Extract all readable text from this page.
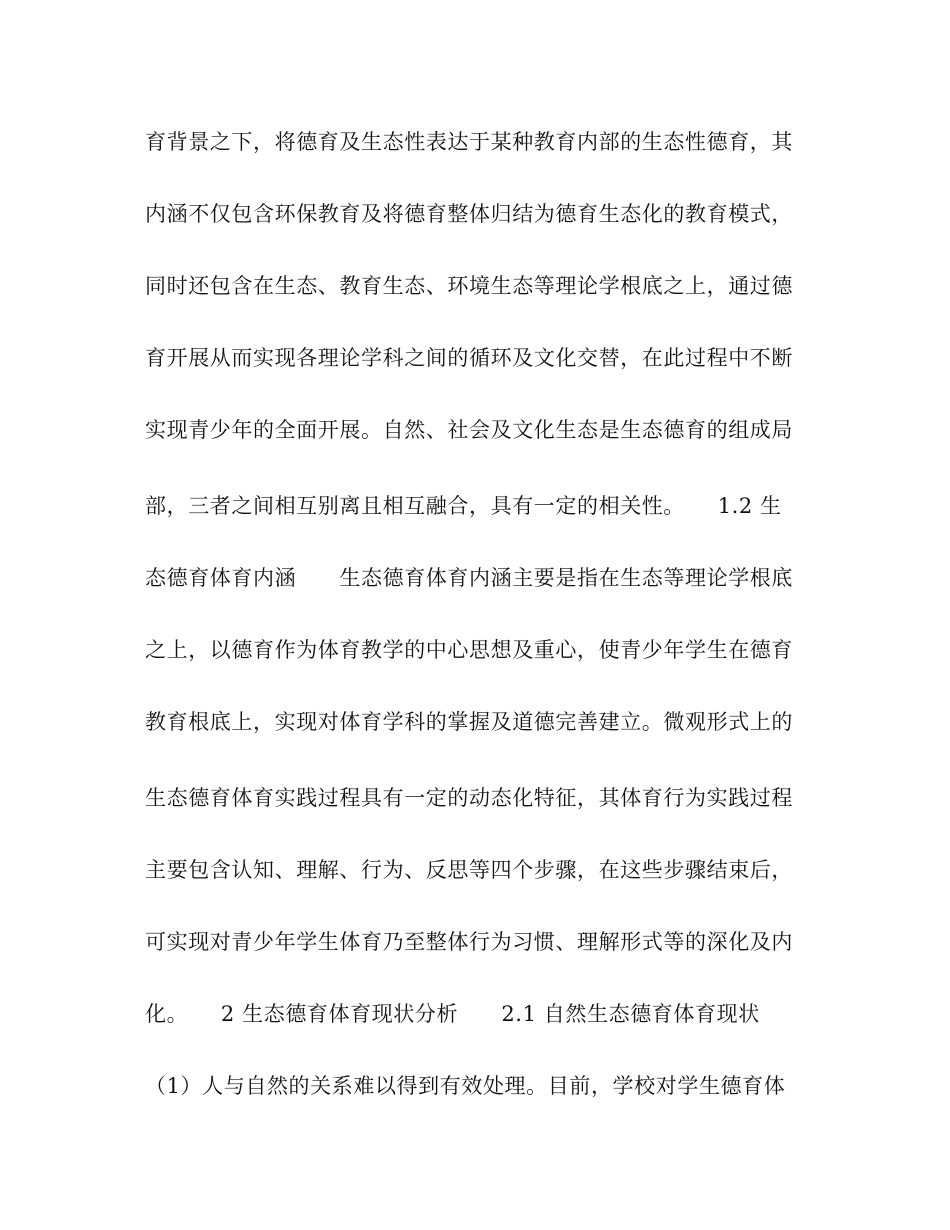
育背景之下，将德育及生态性表达于某种教育内部的生态性德育，其
内涵不仅包含环保教育及将德育整体归结为德育生态化的教育模式，
同时还包含在生态、教育生态、环境生态等理论学根底之上，通过德
育开展从而实现各理论学科之间的循环及文化交替，在此过程中不断
实现青少年的全面开展。自然、社会及文化生态是生态德育的组成局
部，三者之间相互别离且相互融合，具有一定的相关性。　　1.2 生
态德育体育内涵　　生态德育体育内涵主要是指在生态等理论学根底
之上，以德育作为体育教学的中心思想及重心，使青少年学生在德育
教育根底上，实现对体育学科的掌握及道德完善建立。微观形式上的
生态德育体育实践过程具有一定的动态化特征，其体育行为实践过程
主要包含认知、理解、行为、反思等四个步骤，在这些步骤结束后，
可实现对青少年学生体育乃至整体行为习惯、理解形式等的深化及内
化。　　2 生态德育体育现状分析　　2.1 自然生态德育体育现状
（1）人与自然的关系难以得到有效处理。目前，学校对学生德育体
